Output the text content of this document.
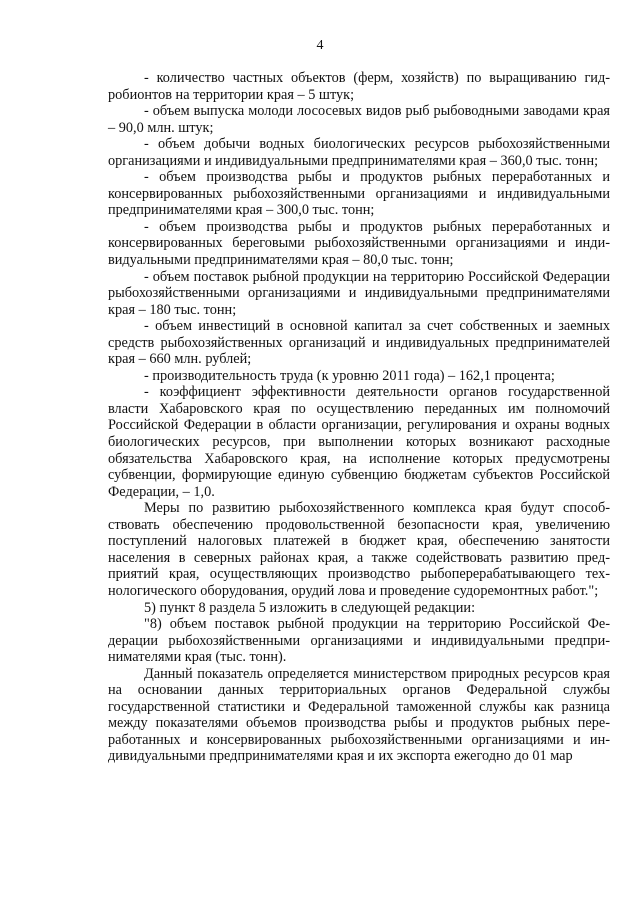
4

- количество частных объектов (ферм, хозяйств) по выращиванию гидробионтов на территории края – 5 штук;

- объем выпуска молоди лососевых видов рыб рыбоводными заводами края – 90,0 млн. штук;

- объем добычи водных биологических ресурсов рыбохозяйственными организациями и индивидуальными предпринимателями края – 360,0 тыс. тонн;

- объем производства рыбы и продуктов рыбных переработанных и консервированных рыбохозяйственными организациями и индивидуальными предпринимателями края – 300,0 тыс. тонн;

- объем производства рыбы и продуктов рыбных переработанных и консервированных береговыми рыбохозяйственными организациями и индивидуальными предпринимателями края – 80,0 тыс. тонн;

- объем поставок рыбной продукции на территорию Российской Федерации рыбохозяйственными организациями и индивидуальными предпринимателями края – 180 тыс. тонн;

- объем инвестиций в основной капитал за счет собственных и заемных средств рыбохозяйственных организаций и индивидуальных предпринимателей края – 660 млн. рублей;

- производительность труда (к уровню 2011 года) – 162,1 процента;

- коэффициент эффективности деятельности органов государственной власти Хабаровского края по осуществлению переданных им полномочий Российской Федерации в области организации, регулирования и охраны водных биологических ресурсов, при выполнении которых возникают расходные обязательства Хабаровского края, на исполнение которых предусмотрены субвенции, формирующие единую субвенцию бюджетам субъектов Российской Федерации, – 1,0.

Меры по развитию рыбохозяйственного комплекса края будут способствовать обеспечению продовольственной безопасности края, увеличению поступлений налоговых платежей в бюджет края, обеспечению занятости населения в северных районах края, а также содействовать развитию предприятий края, осуществляющих производство рыбоперерабатывающего технологического оборудования, орудий лова и проведение судоремонтных работ.";

5) пункт 8 раздела 5 изложить в следующей редакции:

"8) объем поставок рыбной продукции на территорию Российской Федерации рыбохозяйственными организациями и индивидуальными предпринимателями края (тыс. тонн).

Данный показатель определяется министерством природных ресурсов края на основании данных территориальных органов Федеральной службы государственной статистики и Федеральной таможенной службы как разница между показателями объемов производства рыбы и продуктов рыбных переработанных и консервированных рыбохозяйственными организациями и индивидуальными предпринимателями края и их экспорта ежегодно до 01 мар
